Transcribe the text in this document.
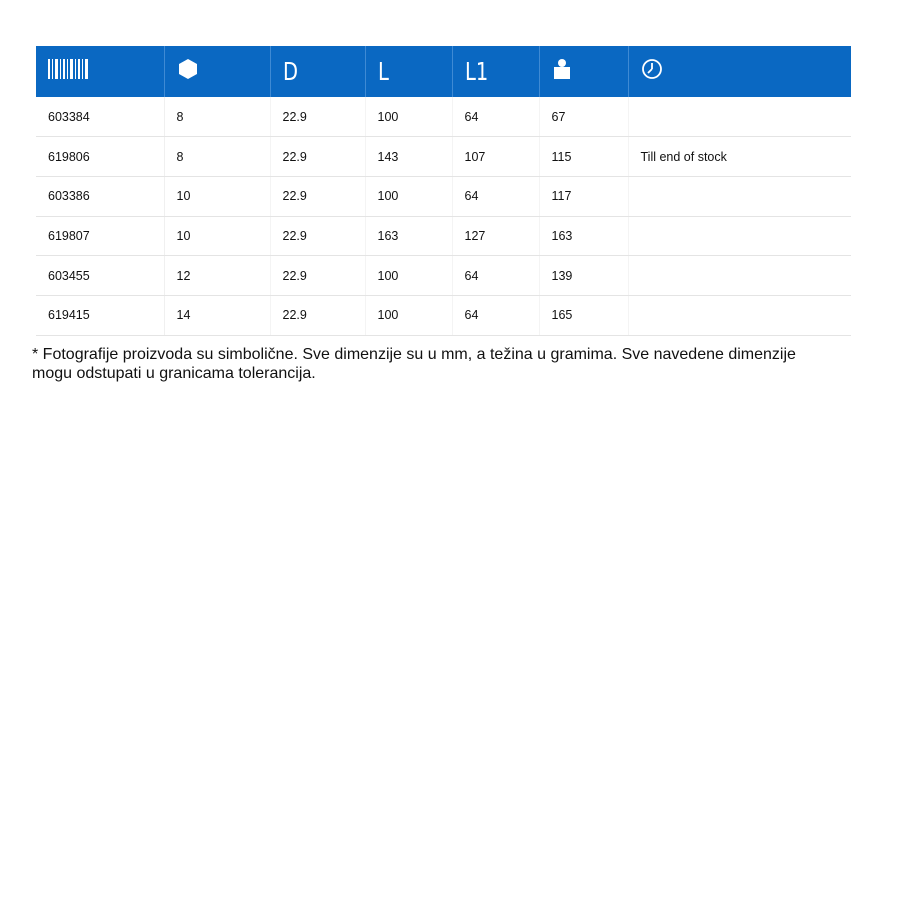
		D	L	L1		
603384	8	22.9	100	64	67	
619806	8	22.9	143	107	115	Till end of stock
603386	10	22.9	100	64	117	
619807	10	22.9	163	127	163	
603455	12	22.9	100	64	139	
619415	14	22.9	100	64	165	
* Fotografije proizvoda su simbolične. Sve dimenzije su u mm, a težina u gramima. Sve navedene dimenzije mogu odstupati u granicama tolerancija.
